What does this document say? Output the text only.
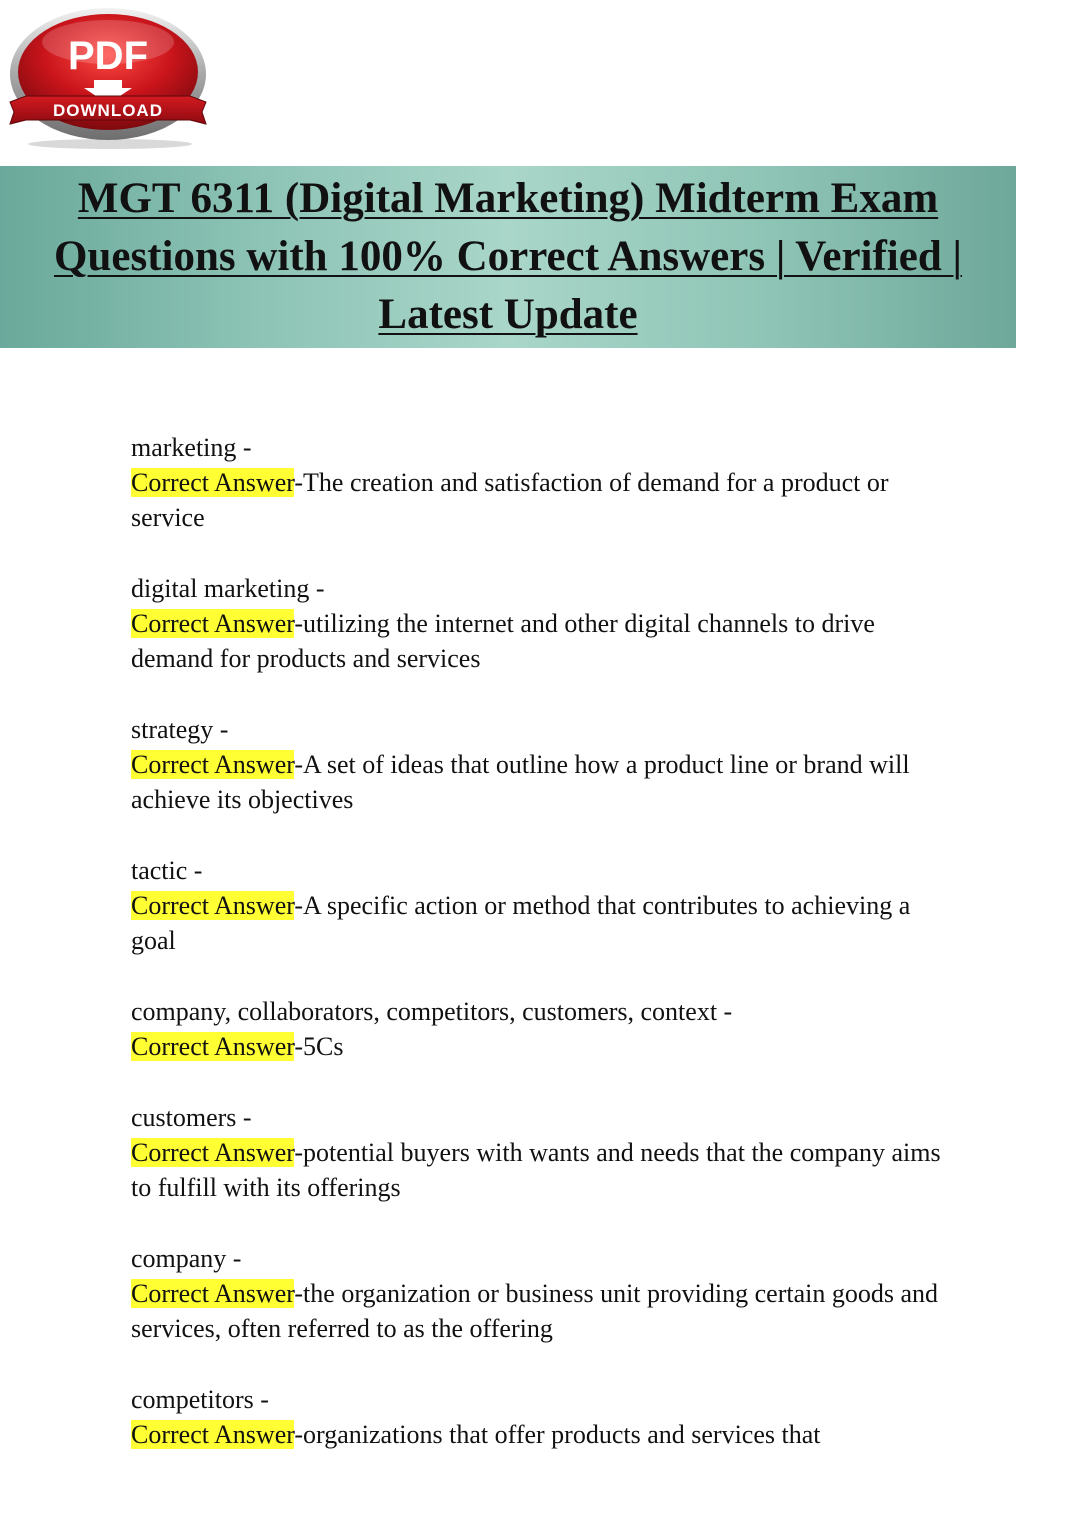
PDF
DOWNLOAD
MGT 6311 (Digital Marketing) Midterm Exam Questions with 100% Correct Answers | Verified | Latest Update
marketing -
Correct Answer-The creation and satisfaction of demand for a product or service
digital marketing -
Correct Answer-utilizing the internet and other digital channels to drive demand for products and services
strategy -
Correct Answer-A set of ideas that outline how a product line or brand will achieve its objectives
tactic -
Correct Answer-A specific action or method that contributes to achieving a goal
company, collaborators, competitors, customers, context -
Correct Answer-5Cs
customers -
Correct Answer-potential buyers with wants and needs that the company aims to fulfill with its offerings
company -
Correct Answer-the organization or business unit providing certain goods and services, often referred to as the offering
competitors -
Correct Answer-organizations that offer products and services that
